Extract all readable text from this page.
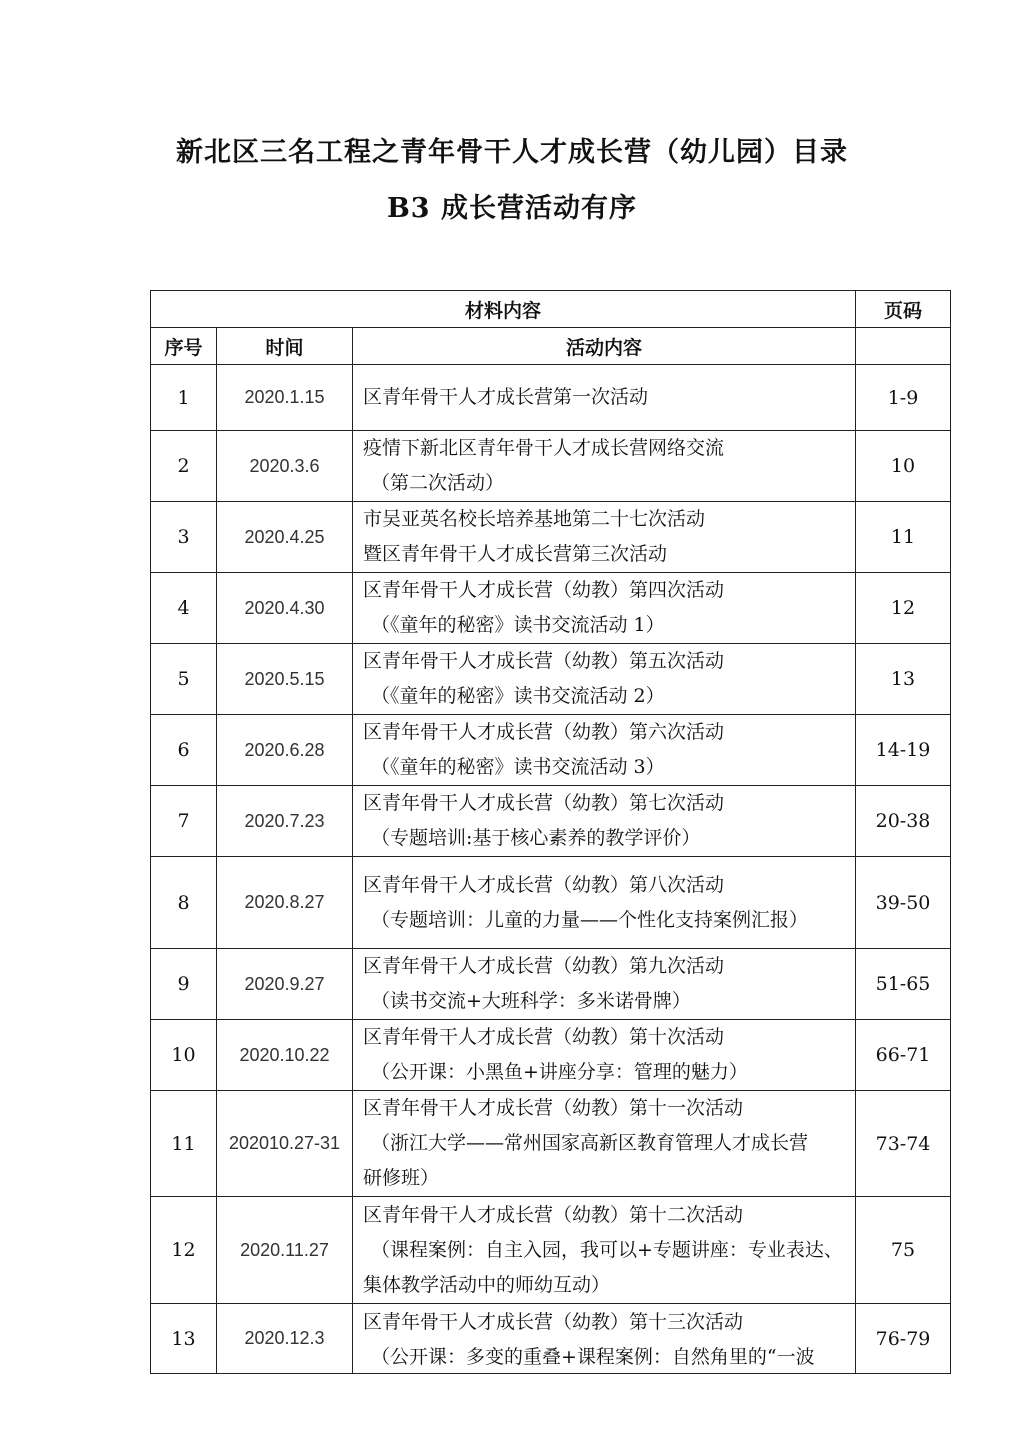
新北区三名工程之青年骨干人才成长营（幼儿园）目录
B3 成长营活动有序
材料内容			页码
序号	时间	活动内容	
1	2020.1.15	区青年骨干人才成长营第一次活动	1-9
2	2020.3.6	疫情下新北区青年骨干人才成长营网络交流
（第二次活动）	10
3	2020.4.25	市吴亚英名校长培养基地第二十七次活动
暨区青年骨干人才成长营第三次活动	11
4	2020.4.30	区青年骨干人才成长营（幼教）第四次活动
（《童年的秘密》读书交流活动 1）	12
5	2020.5.15	区青年骨干人才成长营（幼教）第五次活动
（《童年的秘密》读书交流活动 2）	13
6	2020.6.28	区青年骨干人才成长营（幼教）第六次活动
（《童年的秘密》读书交流活动 3）	14-19
7	2020.7.23	区青年骨干人才成长营（幼教）第七次活动
（专题培训:基于核心素养的教学评价）	20-38
8	2020.8.27	区青年骨干人才成长营（幼教）第八次活动
（专题培训：儿童的力量——个性化支持案例汇报）	39-50
9	2020.9.27	区青年骨干人才成长营（幼教）第九次活动
（读书交流+大班科学：多米诺骨牌）	51-65
10	2020.10.22	区青年骨干人才成长营（幼教）第十次活动
（公开课：小黑鱼+讲座分享：管理的魅力）	66-71
11	202010.27-31	区青年骨干人才成长营（幼教）第十一次活动
（浙江大学——常州国家高新区教育管理人才成长营
研修班）	73-74
12	2020.11.27	区青年骨干人才成长营（幼教）第十二次活动
（课程案例：自主入园，我可以+专题讲座：专业表达、
集体教学活动中的师幼互动）	75
13	2020.12.3	区青年骨干人才成长营（幼教）第十三次活动
（公开课：多变的重叠+课程案例：自然角里的“一波	76-79
